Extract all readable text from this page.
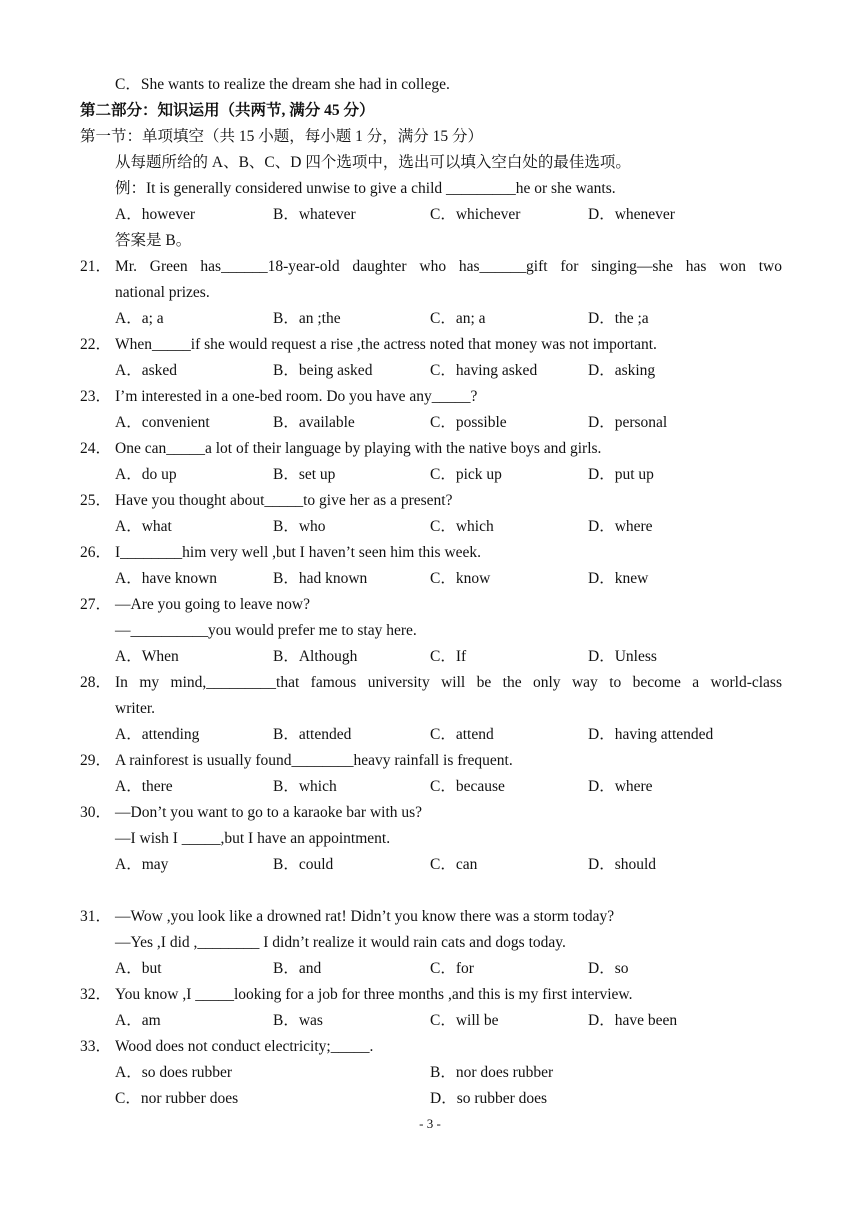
C．She wants to realize the dream she had in college.
第二部分：知识运用（共两节, 满分 45 分）
第一节：单项填空（共 15 小题，每小题 1 分，满分 15 分）
从每题所给的 A、B、C、D 四个选项中，选出可以填入空白处的最佳选项。
例：It is generally considered unwise to give a child _________he or she wants.
A．however	B．whatever	C．whichever	D．whenever
答案是 B。
21． Mr. Green has______18-year-old daughter who has______gift for singing—she has won two
national prizes.
A．a; a	B．an ;the	C．an; a	D．the ;a
22． When_____if she would request a rise ,the actress noted that money was not important.
A．asked	B．being asked	C．having asked	D．asking
23． I’m interested in a one-bed room. Do you have any_____?
A．convenient	B．available	C．possible	D．personal
24． One can_____a lot of their language by playing with the native boys and girls.
A．do up	B．set up	C．pick up	D．put up
25． Have you thought about_____to give her as a present?
A．what	B．who	C．which	D．where
26． I________him very well ,but I haven’t seen him this week.
A．have known	B．had known	C．know	D．knew
27． —Are you going to leave now?
—__________you would prefer me to stay here.
A．When	B．Although	C．If	D．Unless
28． In my mind,_________that famous university will be the only way to become a world-class
writer.
A．attending	B．attended	C．attend	D．having attended
29． A rainforest is usually found________heavy rainfall is frequent.
A．there	B．which	C．because	D．where
30． —Don’t you want to go to a karaoke bar with us?
—I wish I _____,but I have an appointment.
A．may	B．could	C．can	D．should
31． —Wow ,you look like a drowned rat! Didn’t you know there was a storm today?
—Yes ,I did ,________ I didn’t realize it would rain cats and dogs today.
A．but	B．and	C．for	D．so
32． You know ,I _____looking for a job for three months ,and this is my first interview.
A．am	B．was	C．will be	D．have been
33． Wood does not conduct electricity;_____.
A．so does rubber	B．nor does rubber
C．nor rubber does	D．so rubber does
- 3 -
